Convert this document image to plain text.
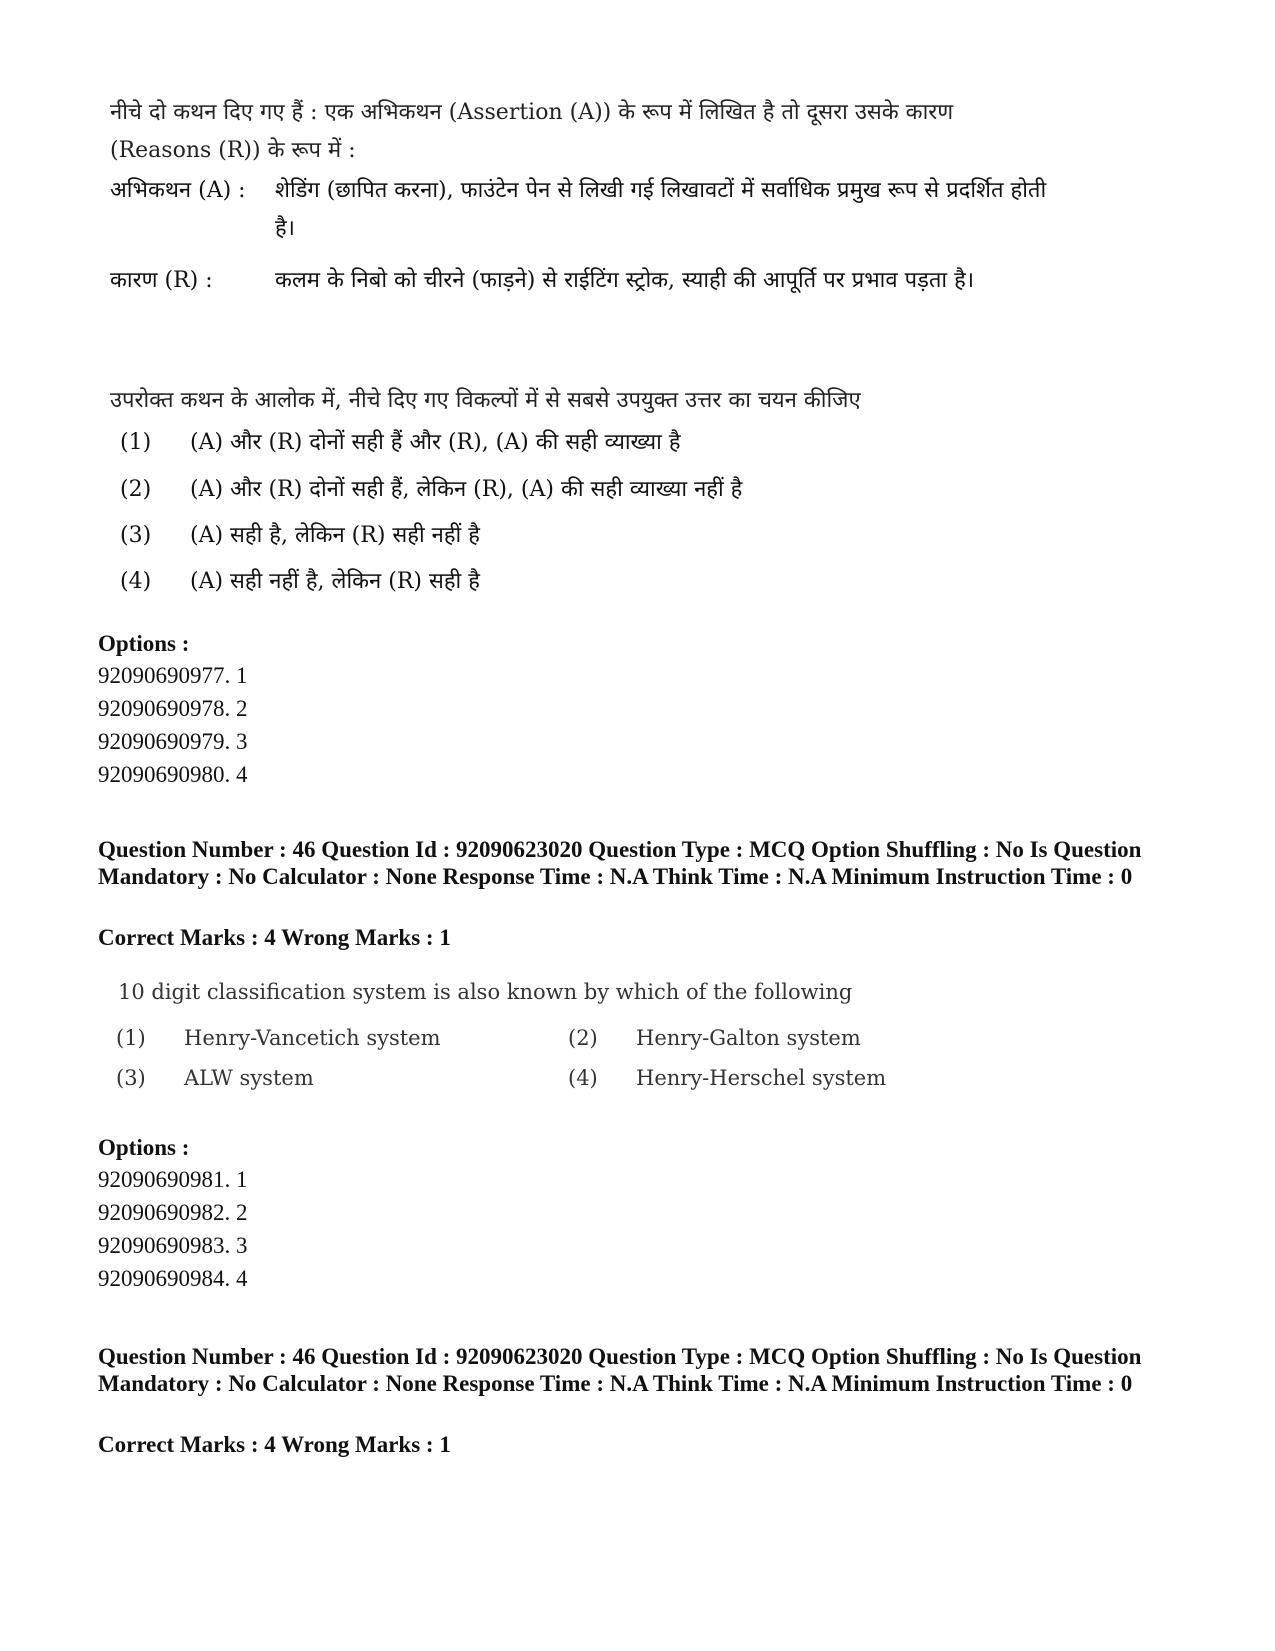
नीचे दो कथन दिए गए हैं : एक अभिकथन (Assertion (A)) के रूप में लिखित है तो दूसरा उसके कारण (Reasons (R)) के रूप में :

अभिकथन (A) :	शेडिंग (छापित करना), फाउंटेन पेन से लिखी गई लिखावटों में सर्वाधिक प्रमुख रूप से प्रदर्शित होती है।
कारण (R) :	कलम के निबो को चीरने (फाड़ने) से राईटिंग स्ट्रोक, स्याही की आपूर्ति पर प्रभाव पड़ता है।

उपरोक्त कथन के आलोक में, नीचे दिए गए विकल्पों में से सबसे उपयुक्त उत्तर का चयन कीजिए

(1)	(A) और (R) दोनों सही हैं और (R), (A) की सही व्याख्या है
(2)	(A) और (R) दोनों सही हैं, लेकिन (R), (A) की सही व्याख्या नहीं है
(3)	(A) सही है, लेकिन (R) सही नहीं है
(4)	(A) सही नहीं है, लेकिन (R) सही है

Options :

92090690977. 1

92090690978. 2

92090690979. 3

92090690980. 4

Question Number : 46 Question Id : 92090623020 Question Type : MCQ Option Shuffling : No Is Question Mandatory : No Calculator : None Response Time : N.A Think Time : N.A Minimum Instruction Time : 0
Correct Marks : 4 Wrong Marks : 1
10 digit classification system is also known by which of the following
(1)	Henry-Vancetich system	(2)	Henry-Galton system
(3)	ALW system	(4)	Henry-Herschel system

Options :

92090690981. 1

92090690982. 2

92090690983. 3

92090690984. 4

Question Number : 46 Question Id : 92090623020 Question Type : MCQ Option Shuffling : No Is Question Mandatory : No Calculator : None Response Time : N.A Think Time : N.A Minimum Instruction Time : 0
Correct Marks : 4 Wrong Marks : 1
